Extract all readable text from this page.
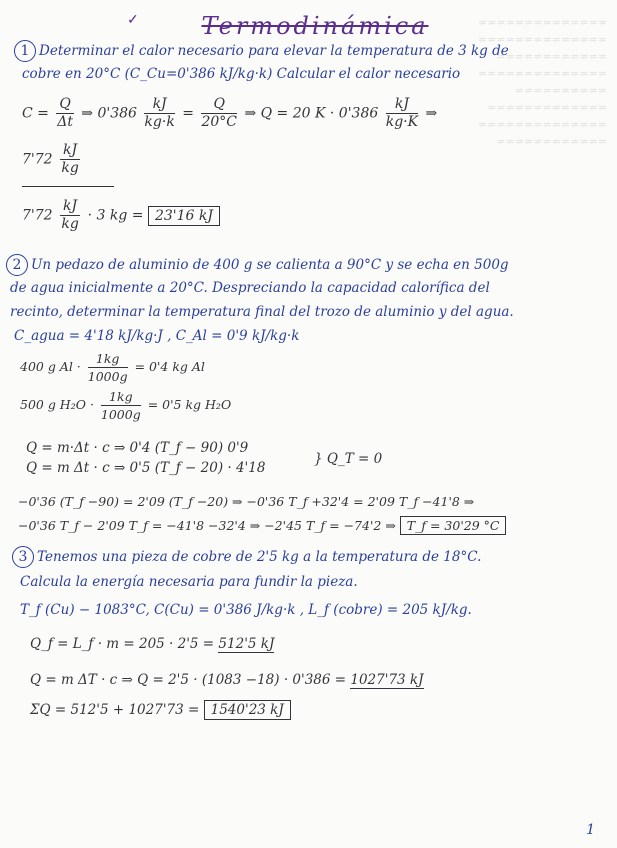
≈≈≈≈≈≈≈≈≈≈≈≈≈≈
≈≈≈≈≈≈≈≈≈≈≈≈≈≈
≈≈≈≈≈≈≈≈≈≈≈≈
≈≈≈≈≈≈≈≈≈≈≈≈≈≈
≈≈≈≈≈≈≈≈≈≈
≈≈≈≈≈≈≈≈≈≈≈≈≈
≈≈≈≈≈≈≈≈≈≈≈≈≈≈
≈≈≈≈≈≈≈≈≈≈≈≈
✓	Termodinámica
1 Determinar el calor necesario para elevar la temperatura de 3 kg de
cobre en 20°C (C_Cu=0'386 kJ/kg·k) Calcular el calor necesario
$C = \frac{Q}{\Delta t}$ ⇒ $0'386 \frac{kJ}{kg\cdot k} = \frac{Q}{20^\circ C}$ ⇒ Q = 20 $K \cdot 0'386 \frac{kJ}{kg\cdot K}$ ⇒
$7'72 \frac{kJ}{kg}$
$7'72 \frac{kJ}{kg} \cdot 3$ kg = 23'16 kJ
2 Un pedazo de aluminio de 400 g se calienta a 90°C y se echa en 500g
de agua inicialmente a 20°C. Despreciando la capacidad calorífica del
recinto, determinar la temperatura final del trozo de aluminio y del agua.
C_agua = 4'18 kJ/kg·J , C_Al = 0'9 kJ/kg·k
400 g $Al \cdot \frac{1kg}{1000g} = 0'4$ kg Al
500 g $H_2O \cdot \frac{1kg}{1000g} = 0'5$ kg H₂O
Q = m·Δt · c ⇒ 0'4 (T_f − 90) 0'9
Q = m Δt · c ⇒ 0'5 (T_f − 20) · 4'18
} Q_T = 0
−0'36 (T_f −90) = 2'09 (T_f −20) ⇒ −0'36 T_f +32'4 = 2'09 T_f −41'8 ⇒
−0'36 T_f − 2'09 T_f = −41'8 −32'4 ⇒ −2'45 T_f = −74'2 ⇒ T_f = 30'29 °C
3 Tenemos una pieza de cobre de 2'5 kg a la temperatura de 18°C.
Calcula la energía necesaria para fundir la pieza.
T_f (Cu) − 1083°C, C(Cu) = 0'386 J/kg·k , L_f (cobre) = 205 kJ/kg.
Q_f = L_f · m = 205 · 2'5 = 512'5 kJ
Q = m ΔT · c ⇒ Q = 2'5 · (1083 −18) · 0'386 = 1027'73 kJ
ΣQ = 512'5 + 1027'73 = 1540'23 kJ
1
